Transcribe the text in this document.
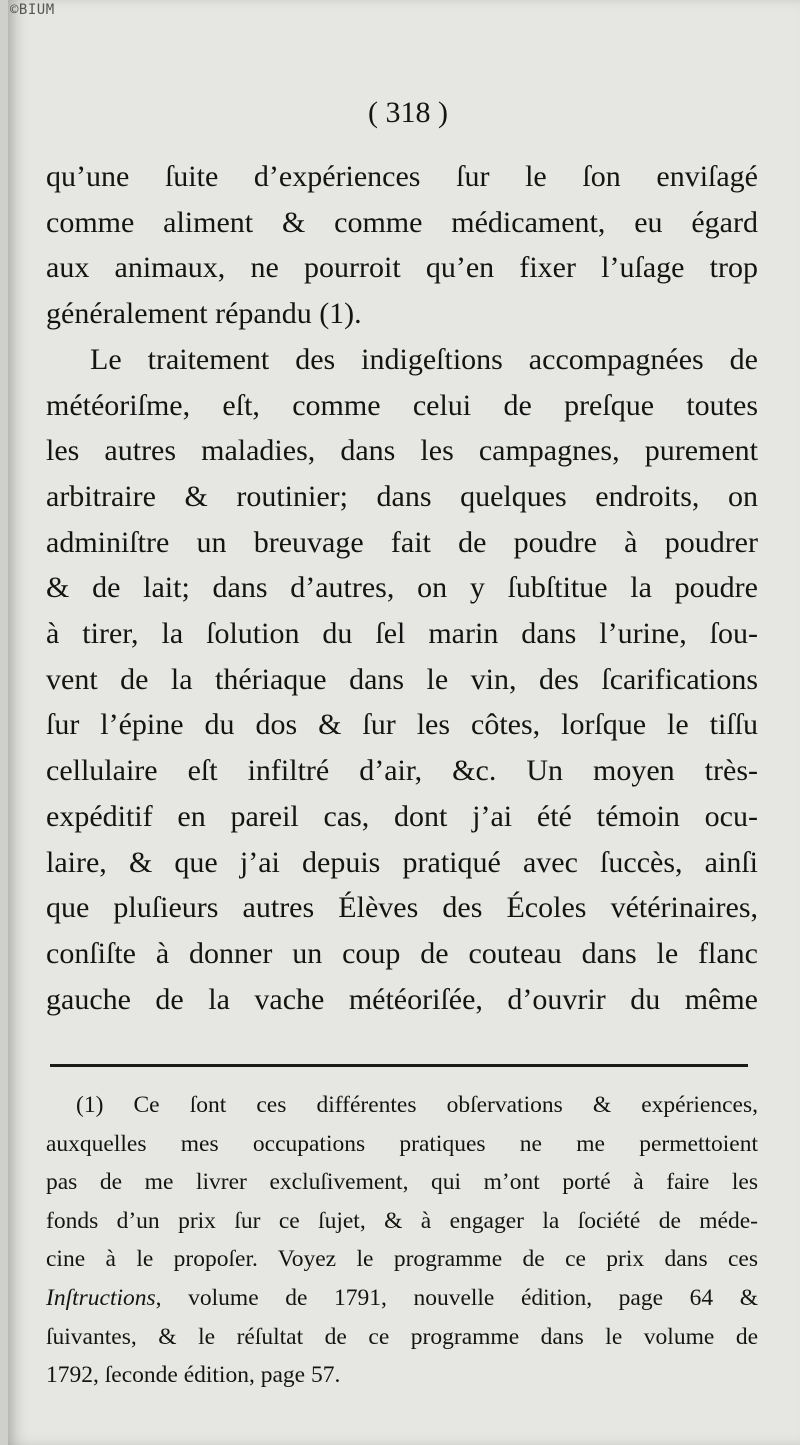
©BIUM
( 318 )
qu’une ſuite d’expériences ſur le ſon enviſagé
comme aliment & comme médicament, eu égard
aux animaux, ne pourroit qu’en fixer l’uſage trop
généralement répandu (1).
Le traitement des indigeſtions accompagnées de
météoriſme, eſt, comme celui de preſque toutes
les autres maladies, dans les campagnes, purement
arbitraire & routinier; dans quelques endroits, on
adminiſtre un breuvage fait de poudre à poudrer
& de lait; dans d’autres, on y ſubſtitue la poudre
à tirer, la ſolution du ſel marin dans l’urine, ſou-
vent de la thériaque dans le vin, des ſcarifications
ſur l’épine du dos & ſur les côtes, lorſque le tiſſu
cellulaire eſt infiltré d’air, &c. Un moyen très-
expéditif en pareil cas, dont j’ai été témoin ocu-
laire, & que j’ai depuis pratiqué avec ſuccès, ainſi
que pluſieurs autres Élèves des Écoles vétérinaires,
conſiſte à donner un coup de couteau dans le flanc
gauche de la vache météoriſée, d’ouvrir du même
(1) Ce ſont ces différentes obſervations & expériences,
auxquelles mes occupations pratiques ne me permettoient
pas de me livrer excluſivement, qui m’ont porté à faire les
fonds d’un prix ſur ce ſujet, & à engager la ſociété de méde-
cine à le propoſer. Voyez le programme de ce prix dans ces
Inſtructions, volume de 1791, nouvelle édition, page 64 &
ſuivantes, & le réſultat de ce programme dans le volume de
1792, ſeconde édition, page 57.
